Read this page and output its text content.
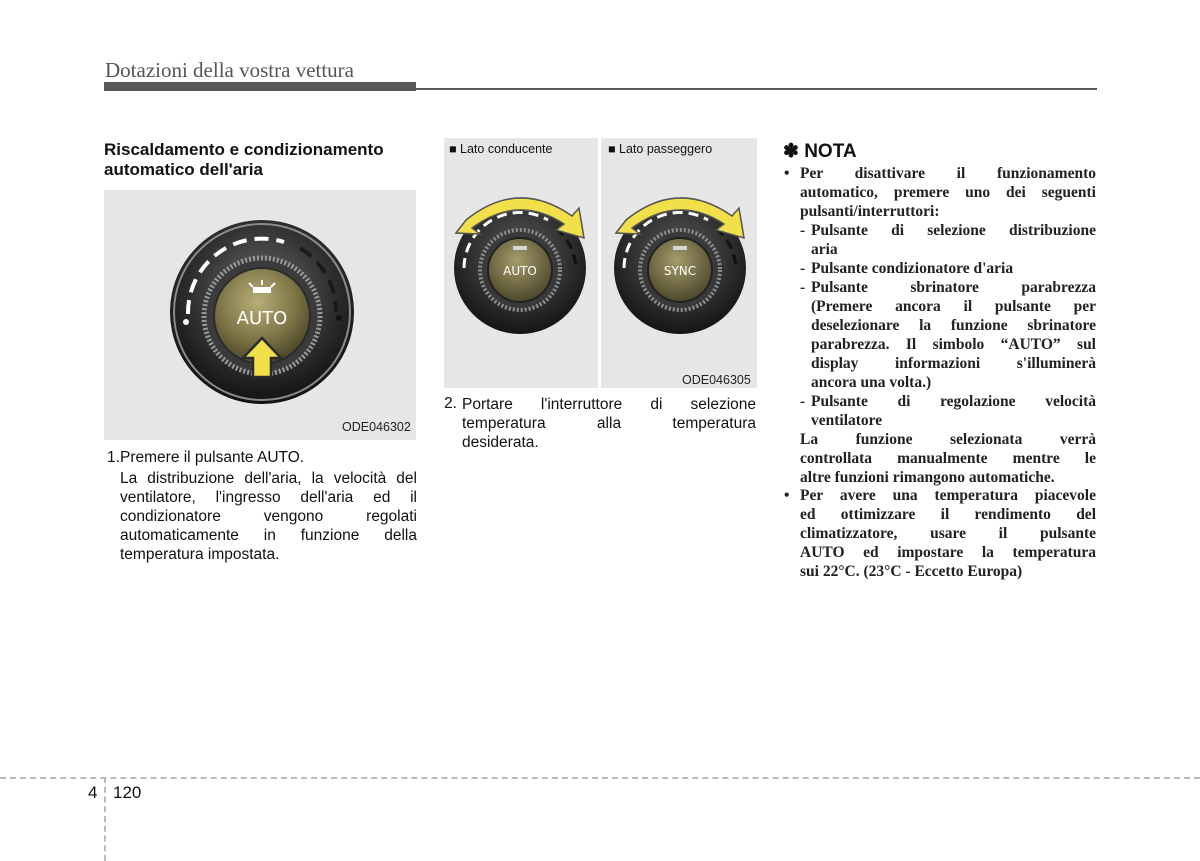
Dotazioni della vostra vettura
Riscaldamento e condizionamento automatico dell'aria
AUTO
ODE046302
1. Premere il pulsante AUTO.
La distribuzione dell'aria, la velocità del
ventilatore, l'ingresso dell'aria ed il
condizionatore vengono regolati
automaticamente in funzione della
temperatura impostata.
AUTO	SYNC
■ Lato conducente	■ Lato passeggero
ODE046305
2. Portare l'interruttore di selezione
temperatura alla temperatura
desiderata.
✽ NOTA
• Per disattivare il funzionamento
automatico, premere uno dei seguenti
pulsanti/interruttori:
- Pulsante di selezione distribuzione
aria
- Pulsante condizionatore d'aria
- Pulsante sbrinatore parabrezza
(Premere ancora il pulsante per
deselezionare la funzione sbrinatore
parabrezza. Il simbolo “AUTO” sul
display informazioni s'illuminerà
ancora una volta.)
- Pulsante di regolazione velocità
ventilatore
La funzione selezionata verrà
controllata manualmente mentre le
altre funzioni rimangono automatiche.
• Per avere una temperatura piacevole
ed ottimizzare il rendimento del
climatizzatore, usare il pulsante
AUTO ed impostare la temperatura
sui 22°C. (23°C - Eccetto Europa)
4 120
